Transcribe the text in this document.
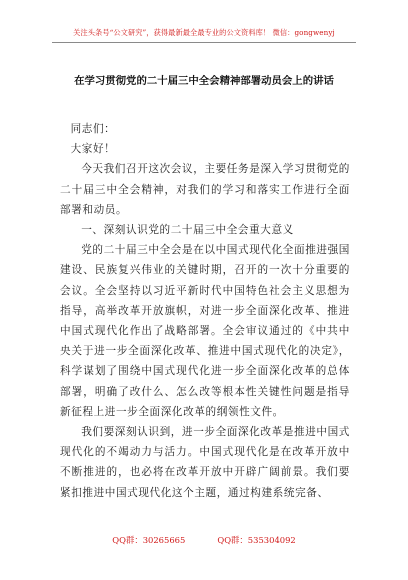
关注头条号“公文研究”，获得最新最全最专业的公文资料库！ 微信：gongwenyj
在学习贯彻党的二十届三中全会精神部署动员会上的讲话

同志们：

大家好！

今天我们召开这次会议，主要任务是深入学习贯彻党的二十届三中全会精神，对我们的学习和落实工作进行全面部署和动员。

一、深刻认识党的二十届三中全会重大意义

党的二十届三中全会是在以中国式现代化全面推进强国建设、民族复兴伟业的关键时期，召开的一次十分重要的会议。全会坚持以习近平新时代中国特色社会主义思想为指导，高举改革开放旗帜，对进一步全面深化改革、推进中国式现代化作出了战略部署。全会审议通过的《中共中央关于进一步全面深化改革、推进中国式现代化的决定》，科学谋划了围绕中国式现代化进一步全面深化改革的总体部署，明确了改什么、怎么改等根本性关键性问题是指导新征程上进一步全面深化改革的纲领性文件。

我们要深刻认识到，进一步全面深化改革是推进中国式现代化的不竭动力与活力。中国式现代化是在改革开放中不断推进的，也必将在改革开放中开辟广阔前景。我们要紧扣推进中国式现代化这个主题，通过构建系统完备、

QQ群：30265665	QQ群：535304092
